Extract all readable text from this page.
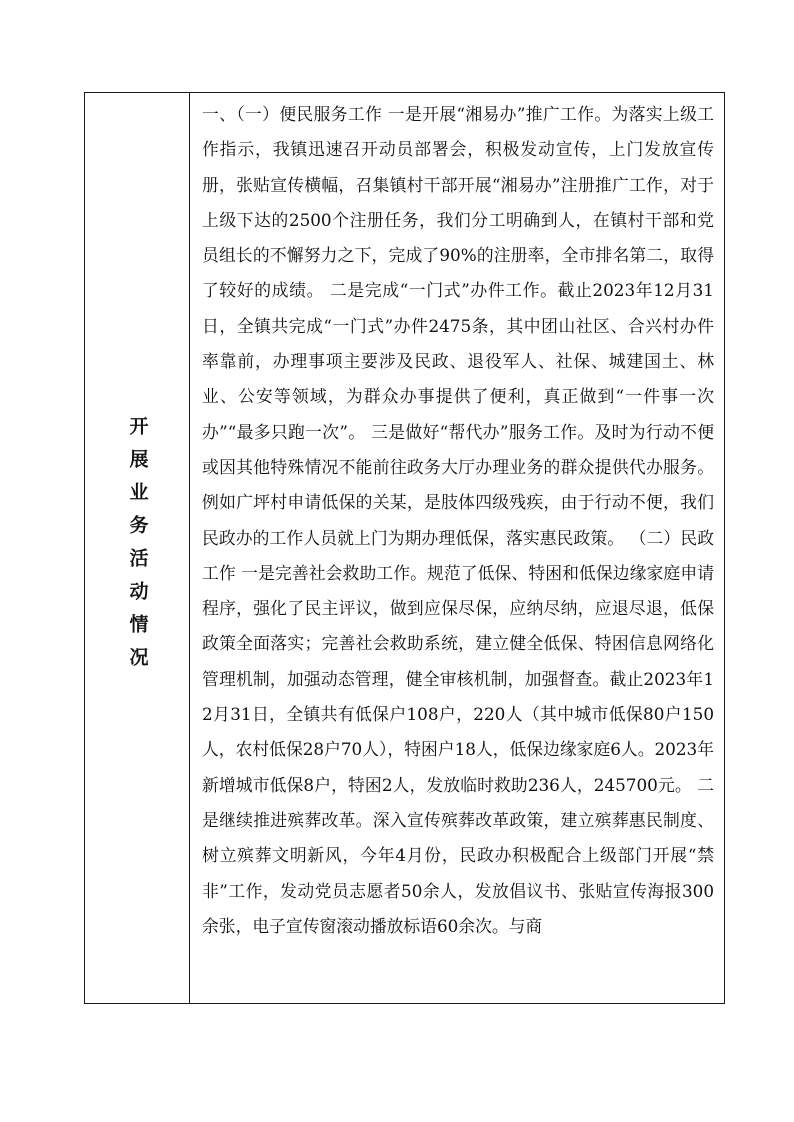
开展业务活动情况

一、（一）便民服务工作 一是开展“湘易办”推广工作。为落实上级工作指示，我镇迅速召开动员部署会，积极发动宣传，上门发放宣传册，张贴宣传横幅，召集镇村干部开展“湘易办”注册推广工作，对于上级下达的2500个注册任务，我们分工明确到人，在镇村干部和党员组长的不懈努力之下，完成了90%的注册率，全市排名第二，取得了较好的成绩。 二是完成“一门式”办件工作。截止2023年12月31日，全镇共完成“一门式”办件2475条，其中团山社区、合兴村办件率靠前，办理事项主要涉及民政、退役军人、社保、城建国土、林业、公安等领域，为群众办事提供了便利，真正做到“一件事一次办”“最多只跑一次”。 三是做好“帮代办”服务工作。及时为行动不便或因其他特殊情况不能前往政务大厅办理业务的群众提供代办服务。例如广坪村申请低保的关某，是肢体四级残疾，由于行动不便，我们民政办的工作人员就上门为期办理低保，落实惠民政策。 （二）民政工作 一是完善社会救助工作。规范了低保、特困和低保边缘家庭申请程序，强化了民主评议，做到应保尽保，应纳尽纳，应退尽退，低保政策全面落实；完善社会救助系统，建立健全低保、特困信息网络化管理机制，加强动态管理，健全审核机制，加强督查。截止2023年12月31日，全镇共有低保户108户，220人（其中城市低保80户150人，农村低保28户70人），特困户18人，低保边缘家庭6人。2023年新增城市低保8户，特困2人，发放临时救助236人，245700元。 二是继续推进殡葬改革。深入宣传殡葬改革政策，建立殡葬惠民制度、树立殡葬文明新风，今年4月份，民政办积极配合上级部门开展“禁非”工作，发动党员志愿者50余人，发放倡议书、张贴宣传海报300余张，电子宣传窗滚动播放标语60余次。与商
